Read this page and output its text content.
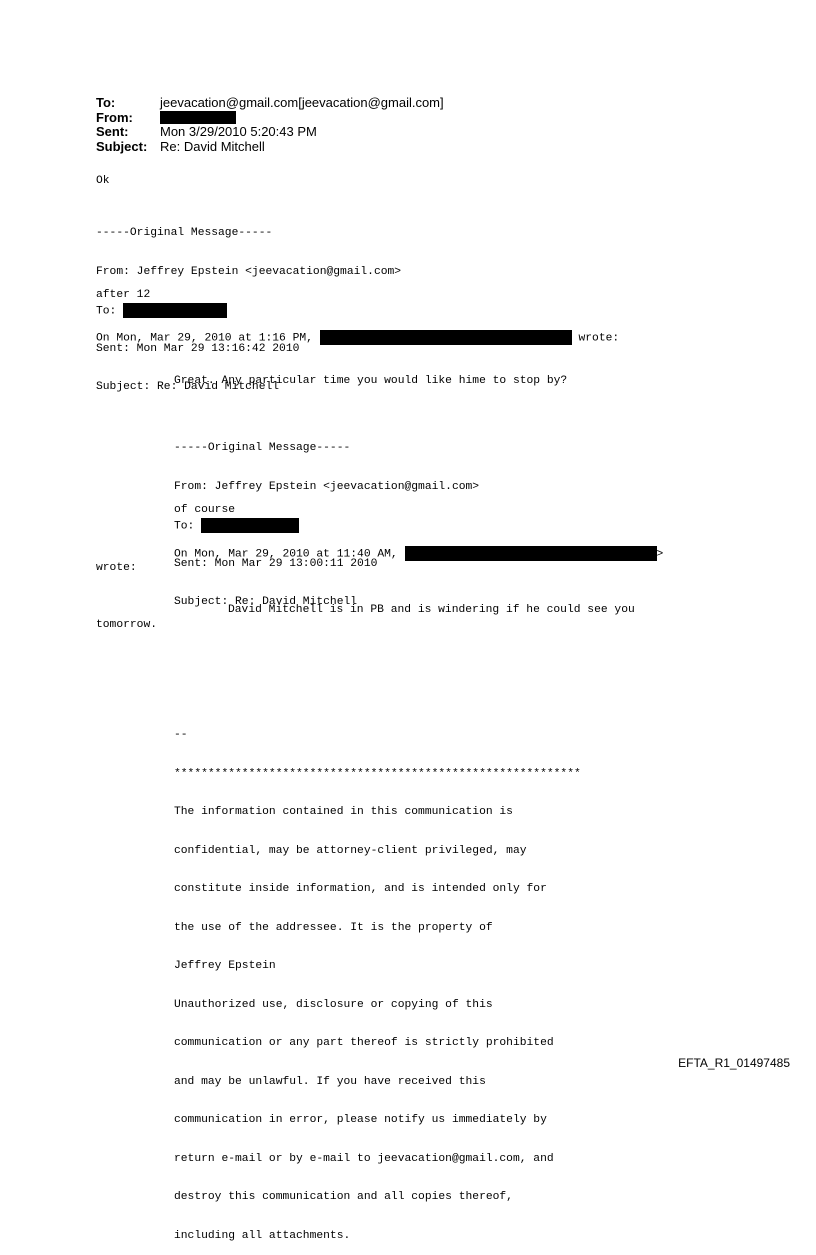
To:	jeevacation@gmail.com[jeevacation@gmail.com]
From:
Sent:	Mon 3/29/2010 5:20:43 PM
Subject: Re: David Mitchell
Ok

-----Original Message-----

From: Jeffrey Epstein <jeevacation@gmail.com>

To:

Sent: Mon Mar 29 13:16:42 2010

Subject: Re: David Mitchell

after 12
On Mon, Mar 29, 2010 at 1:16 PM,	wrote:
Great. Any particular time you would like hime to stop by?

-----Original Message-----

From: Jeffrey Epstein <jeevacation@gmail.com>

To:

Sent: Mon Mar 29 13:00:11 2010

Subject: Re: David Mitchell

of course
On Mon, Mar 29, 2010 at 11:40 AM,	>
wrote:
David Mitchell is in PB and is windering if he could see you
tomorrow.

--

************************************************************

The information contained in this communication is

confidential, may be attorney-client privileged, may

constitute inside information, and is intended only for

the use of the addressee. It is the property of

Jeffrey Epstein

Unauthorized use, disclosure or copying of this

communication or any part thereof is strictly prohibited

and may be unlawful. If you have received this

communication in error, please notify us immediately by

return e-mail or by e-mail to jeevacation@gmail.com, and

destroy this communication and all copies thereof,

including all attachments.

EFTA_R1_01497485
